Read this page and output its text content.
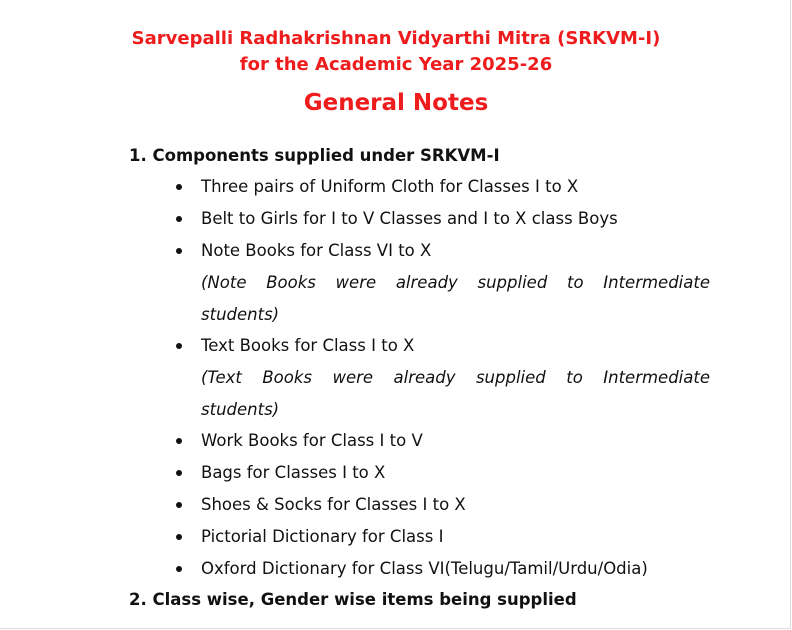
Sarvepalli Radhakrishnan Vidyarthi Mitra (SRKVM-I)
for the Academic Year 2025-26
General Notes
1. Components supplied under SRKVM-I
Three pairs of Uniform Cloth for Classes I to X
Belt to Girls for I to V Classes and I to X class Boys
Note Books for Class VI to X
(Note Books were already supplied to Intermediate
students)
Text Books for Class I to X
(Text Books were already supplied to Intermediate
students)
Work Books for Class I to V
Bags for Classes I to X
Shoes & Socks for Classes I to X
Pictorial Dictionary for Class I
Oxford Dictionary for Class VI(Telugu/Tamil/Urdu/Odia)
2. Class wise, Gender wise items being supplied
